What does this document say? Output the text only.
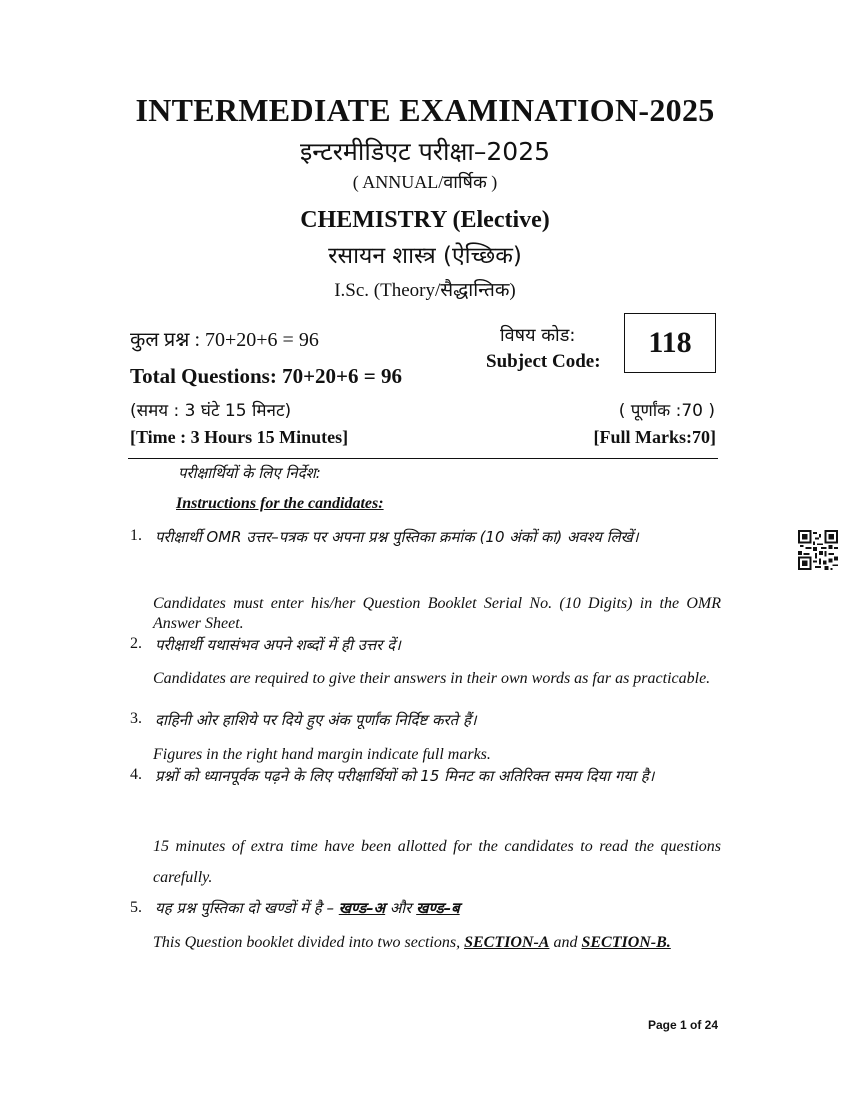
INTERMEDIATE EXAMINATION-2025
इन्टरमीडिएट परीक्षा–2025
( ANNUAL/वार्षिक )
CHEMISTRY (Elective)
रसायन शास्त्र (ऐच्छिक)
I.Sc. (Theory/सैद्धान्तिक)
कुल प्रश्न : 70+20+6 = 96
Total Questions: 70+20+6 = 96
विषय कोड:
Subject Code:
118
(समय : 3 घंटे 15 मिनट)	( पूर्णांक :70 )
[Time : 3 Hours 15 Minutes]	[Full Marks:70]
परीक्षार्थियों के लिए निर्देश:
Instructions for the candidates:
1. परीक्षार्थी OMR उत्तर–पत्रक पर अपना प्रश्न पुस्तिका क्रमांक (10 अंकों का) अवश्य लिखें।
Candidates must enter his/her Question Booklet Serial No. (10 Digits) in the OMR Answer Sheet.
2. परीक्षार्थी यथासंभव अपने शब्दों में ही उत्तर दें।
Candidates are required to give their answers in their own words as far as practicable.
3. दाहिनी ओर हाशिये पर दिये हुए अंक पूर्णांक निर्दिष्ट करते हैं।
Figures in the right hand margin indicate full marks.
4. प्रश्नों को ध्यानपूर्वक पढ़ने के लिए परीक्षार्थियों को 15 मिनट का अतिरिक्त समय दिया गया है।
15 minutes of extra time have been allotted for the candidates to read the questions carefully.
5. यह प्रश्न पुस्तिका दो खण्डों में है – खण्ड–अ और खण्ड–ब
This Question booklet divided into two sections, SECTION-A and SECTION-B.
Page 1 of 24
